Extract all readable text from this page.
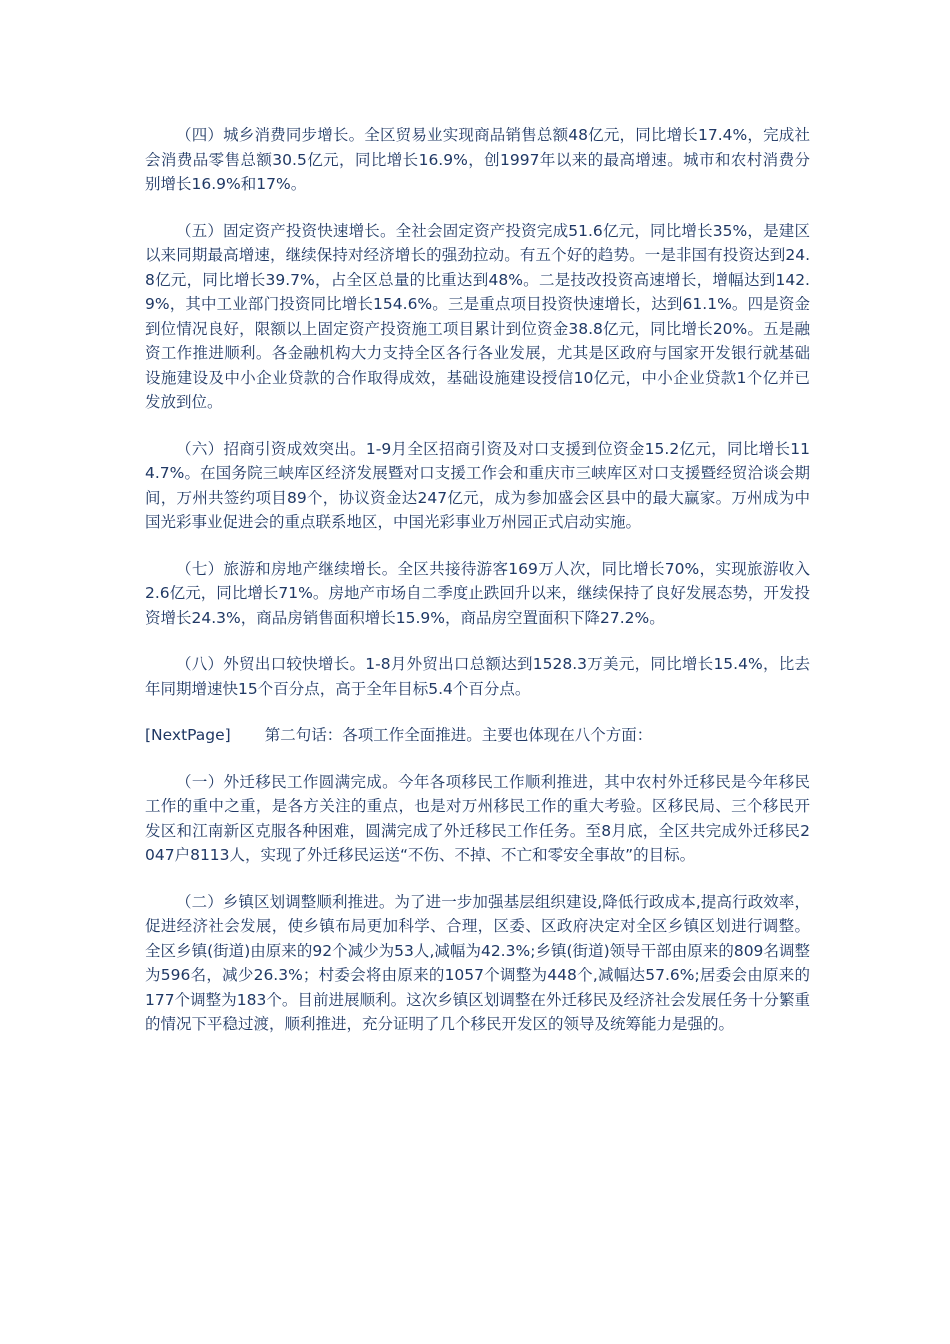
（四）城乡消费同步增长。全区贸易业实现商品销售总额48亿元，同比增长17.4%，完成社会消费品零售总额30.5亿元，同比增长16.9%，创1997年以来的最高增速。城市和农村消费分别增长16.9%和17%。

（五）固定资产投资快速增长。全社会固定资产投资完成51.6亿元，同比增长35%，是建区以来同期最高增速，继续保持对经济增长的强劲拉动。有五个好的趋势。一是非国有投资达到24.8亿元，同比增长39.7%，占全区总量的比重达到48%。二是技改投资高速增长，增幅达到142.9%，其中工业部门投资同比增长154.6%。三是重点项目投资快速增长，达到61.1%。四是资金到位情况良好，限额以上固定资产投资施工项目累计到位资金38.8亿元，同比增长20%。五是融资工作推进顺利。各金融机构大力支持全区各行各业发展，尤其是区政府与国家开发银行就基础设施建设及中小企业贷款的合作取得成效，基础设施建设授信10亿元，中小企业贷款1个亿并已发放到位。

（六）招商引资成效突出。1-9月全区招商引资及对口支援到位资金15.2亿元，同比增长114.7%。在国务院三峡库区经济发展暨对口支援工作会和重庆市三峡库区对口支援暨经贸洽谈会期间，万州共签约项目89个，协议资金达247亿元，成为参加盛会区县中的最大赢家。万州成为中国光彩事业促进会的重点联系地区，中国光彩事业万州园正式启动实施。

（七）旅游和房地产继续增长。全区共接待游客169万人次，同比增长70%，实现旅游收入2.6亿元，同比增长71%。房地产市场自二季度止跌回升以来，继续保持了良好发展态势，开发投资增长24.3%，商品房销售面积增长15.9%，商品房空置面积下降27.2%。

（八）外贸出口较快增长。1-8月外贸出口总额达到1528.3万美元，同比增长15.4%，比去年同期增速快15个百分点，高于全年目标5.4个百分点。

[NextPage] 第二句话：各项工作全面推进。主要也体现在八个方面：

（一）外迁移民工作圆满完成。今年各项移民工作顺利推进，其中农村外迁移民是今年移民工作的重中之重，是各方关注的重点，也是对万州移民工作的重大考验。区移民局、三个移民开发区和江南新区克服各种困难，圆满完成了外迁移民工作任务。至8月底，全区共完成外迁移民2047户8113人，实现了外迁移民运送“不伤、不掉、不亡和零安全事故”的目标。

（二）乡镇区划调整顺利推进。为了进一步加强基层组织建设,降低行政成本,提高行政效率，促进经济社会发展，使乡镇布局更加科学、合理，区委、区政府决定对全区乡镇区划进行调整。全区乡镇(街道)由原来的92个减少为53人,减幅为42.3%;乡镇(街道)领导干部由原来的809名调整为596名，减少26.3%；村委会将由原来的1057个调整为448个,减幅达57.6%;居委会由原来的177个调整为183个。目前进展顺利。这次乡镇区划调整在外迁移民及经济社会发展任务十分繁重的情况下平稳过渡，顺利推进，充分证明了几个移民开发区的领导及统筹能力是强的。
